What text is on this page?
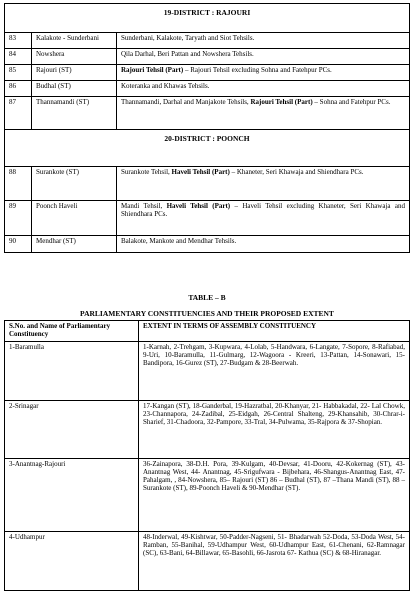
19-DISTRICT : RAJOURI		
83	Kalakote - Sunderbani	Sunderbani, Kalakote, Taryath and Siot Tehsils.
84	Nowshera	Qila Darhal, Beri Pattan and Nowshera Tehsils.
85	Rajouri (ST)	Rajouri Tehsil (Part) – Rajouri Tehsil excluding Sohna and Fatehpur PCs.
86	Budhal (ST)	Koteranka and Khawas Tehsils.
87	Thannamandi (ST)	Thannamandi, Darhal and Manjakote Tehsils, Rajouri Tehsil (Part) – Sohna and Fatehpur PCs.
20-DISTRICT : POONCH		
88	Surankote (ST)	Surankote Tehsil, Haveli Tehsil (Part) – Khaneter, Seri Khawaja and Shiendhara PCs.
89	Poonch Haveli	Mandi Tehsil, Haveli Tehsil (Part) – Haveli Tehsil excluding Khaneter, Seri Khawaja and Shiendhara PCs.
90	Mendhar (ST)	Balakote, Mankote and Mendhar Tehsils.
TABLE – B
PARLIAMENTARY CONSTITUENCIES AND THEIR PROPOSED EXTENT
S.No. and Name of Parliamentary Constituency	EXTENT IN TERMS OF ASSEMBLY CONSTITUENCY
1-Baramulla	1-Karnah, 2-Trehgam, 3-Kupwara, 4-Lolab, 5-Handwara, 6-Langate, 7-Sopore, 8-Rafiabad, 9-Uri, 10-Baramulla, 11-Gulmarg, 12-Wagoora - Kreeri, 13-Pattan, 14-Sonawari, 15-Bandipora, 16-Gurez (ST), 27-Budgam & 28-Beerwah.
2-Srinagar	17-Kangan (ST), 18-Ganderbal, 19-Hazratbal, 20-Khanyar, 21- Habbakadal, 22- Lal Chowk, 23-Channapora, 24-Zadibal, 25-Eidgah, 26-Central Shalteng, 29-Khansahib, 30-Chrar-i-Sharief, 31-Chadoora, 32-Pampore, 33-Tral, 34-Pulwama, 35-Rajpora & 37-Shopian.
3-Anantnag-Rajouri	36-Zainapora, 38-D.H. Pora, 39-Kulgam, 40-Devsar, 41-Dooru, 42-Kokernag (ST), 43-Anantnag West, 44- Anantnag, 45-Srigufwara - Bijbehara, 46-Shangus-Anantnag East, 47-Pahalgam, , 84-Nowshera, 85– Rajouri (ST) 86 – Budhal (ST), 87 –Thana Mandi (ST), 88 –Surankote (ST), 89-Poonch Haveli & 90-Mendhar (ST).
4-Udhampur	48-Inderwal, 49-Kishtwar, 50-Padder-Nagseni, 51- Bhadarwah 52-Doda, 53-Doda West, 54-Ramban, 55-Banihal, 59-Udhampur West, 60-Udhampur East, 61-Chenani, 62-Ramnagar (SC), 63-Bani, 64-Billawar, 65-Basohli, 66-Jasrota 67- Kathua (SC) & 68-Hiranagar.
